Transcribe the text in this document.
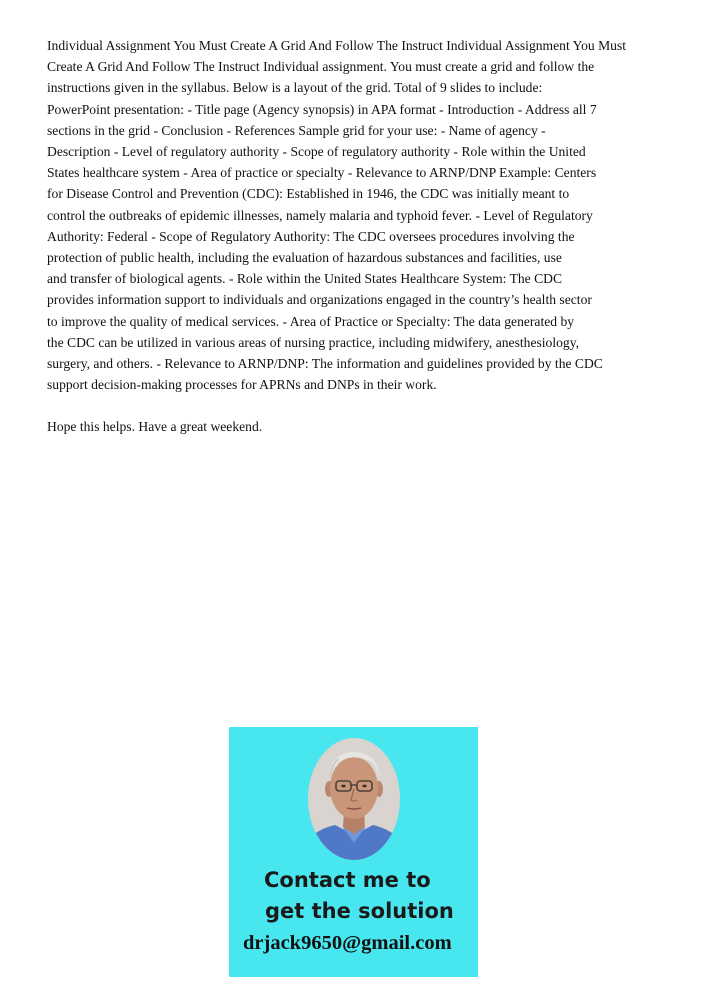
Individual Assignment You Must Create A Grid And Follow The Instruct Individual Assignment You Must
Create A Grid And Follow The Instruct Individual assignment. You must create a grid and follow the
instructions given in the syllabus. Below is a layout of the grid. Total of 9 slides to include:
PowerPoint presentation: - Title page (Agency synopsis) in APA format - Introduction - Address all 7
sections in the grid - Conclusion - References Sample grid for your use: - Name of agency -
Description - Level of regulatory authority - Scope of regulatory authority - Role within the United
States healthcare system - Area of practice or specialty - Relevance to ARNP/DNP Example: Centers
for Disease Control and Prevention (CDC): Established in 1946, the CDC was initially meant to
control the outbreaks of epidemic illnesses, namely malaria and typhoid fever. - Level of Regulatory
Authority: Federal - Scope of Regulatory Authority: The CDC oversees procedures involving the
protection of public health, including the evaluation of hazardous substances and facilities, use
and transfer of biological agents. - Role within the United States Healthcare System: The CDC
provides information support to individuals and organizations engaged in the country’s health sector
to improve the quality of medical services. - Area of Practice or Specialty: The data generated by
the CDC can be utilized in various areas of nursing practice, including midwifery, anesthesiology,
surgery, and others. - Relevance to ARNP/DNP: The information and guidelines provided by the CDC
support decision-making processes for APRNs and DNPs in their work.
Hope this helps. Have a great weekend.
Contact me to
get the solution
drjack9650@gmail.com
